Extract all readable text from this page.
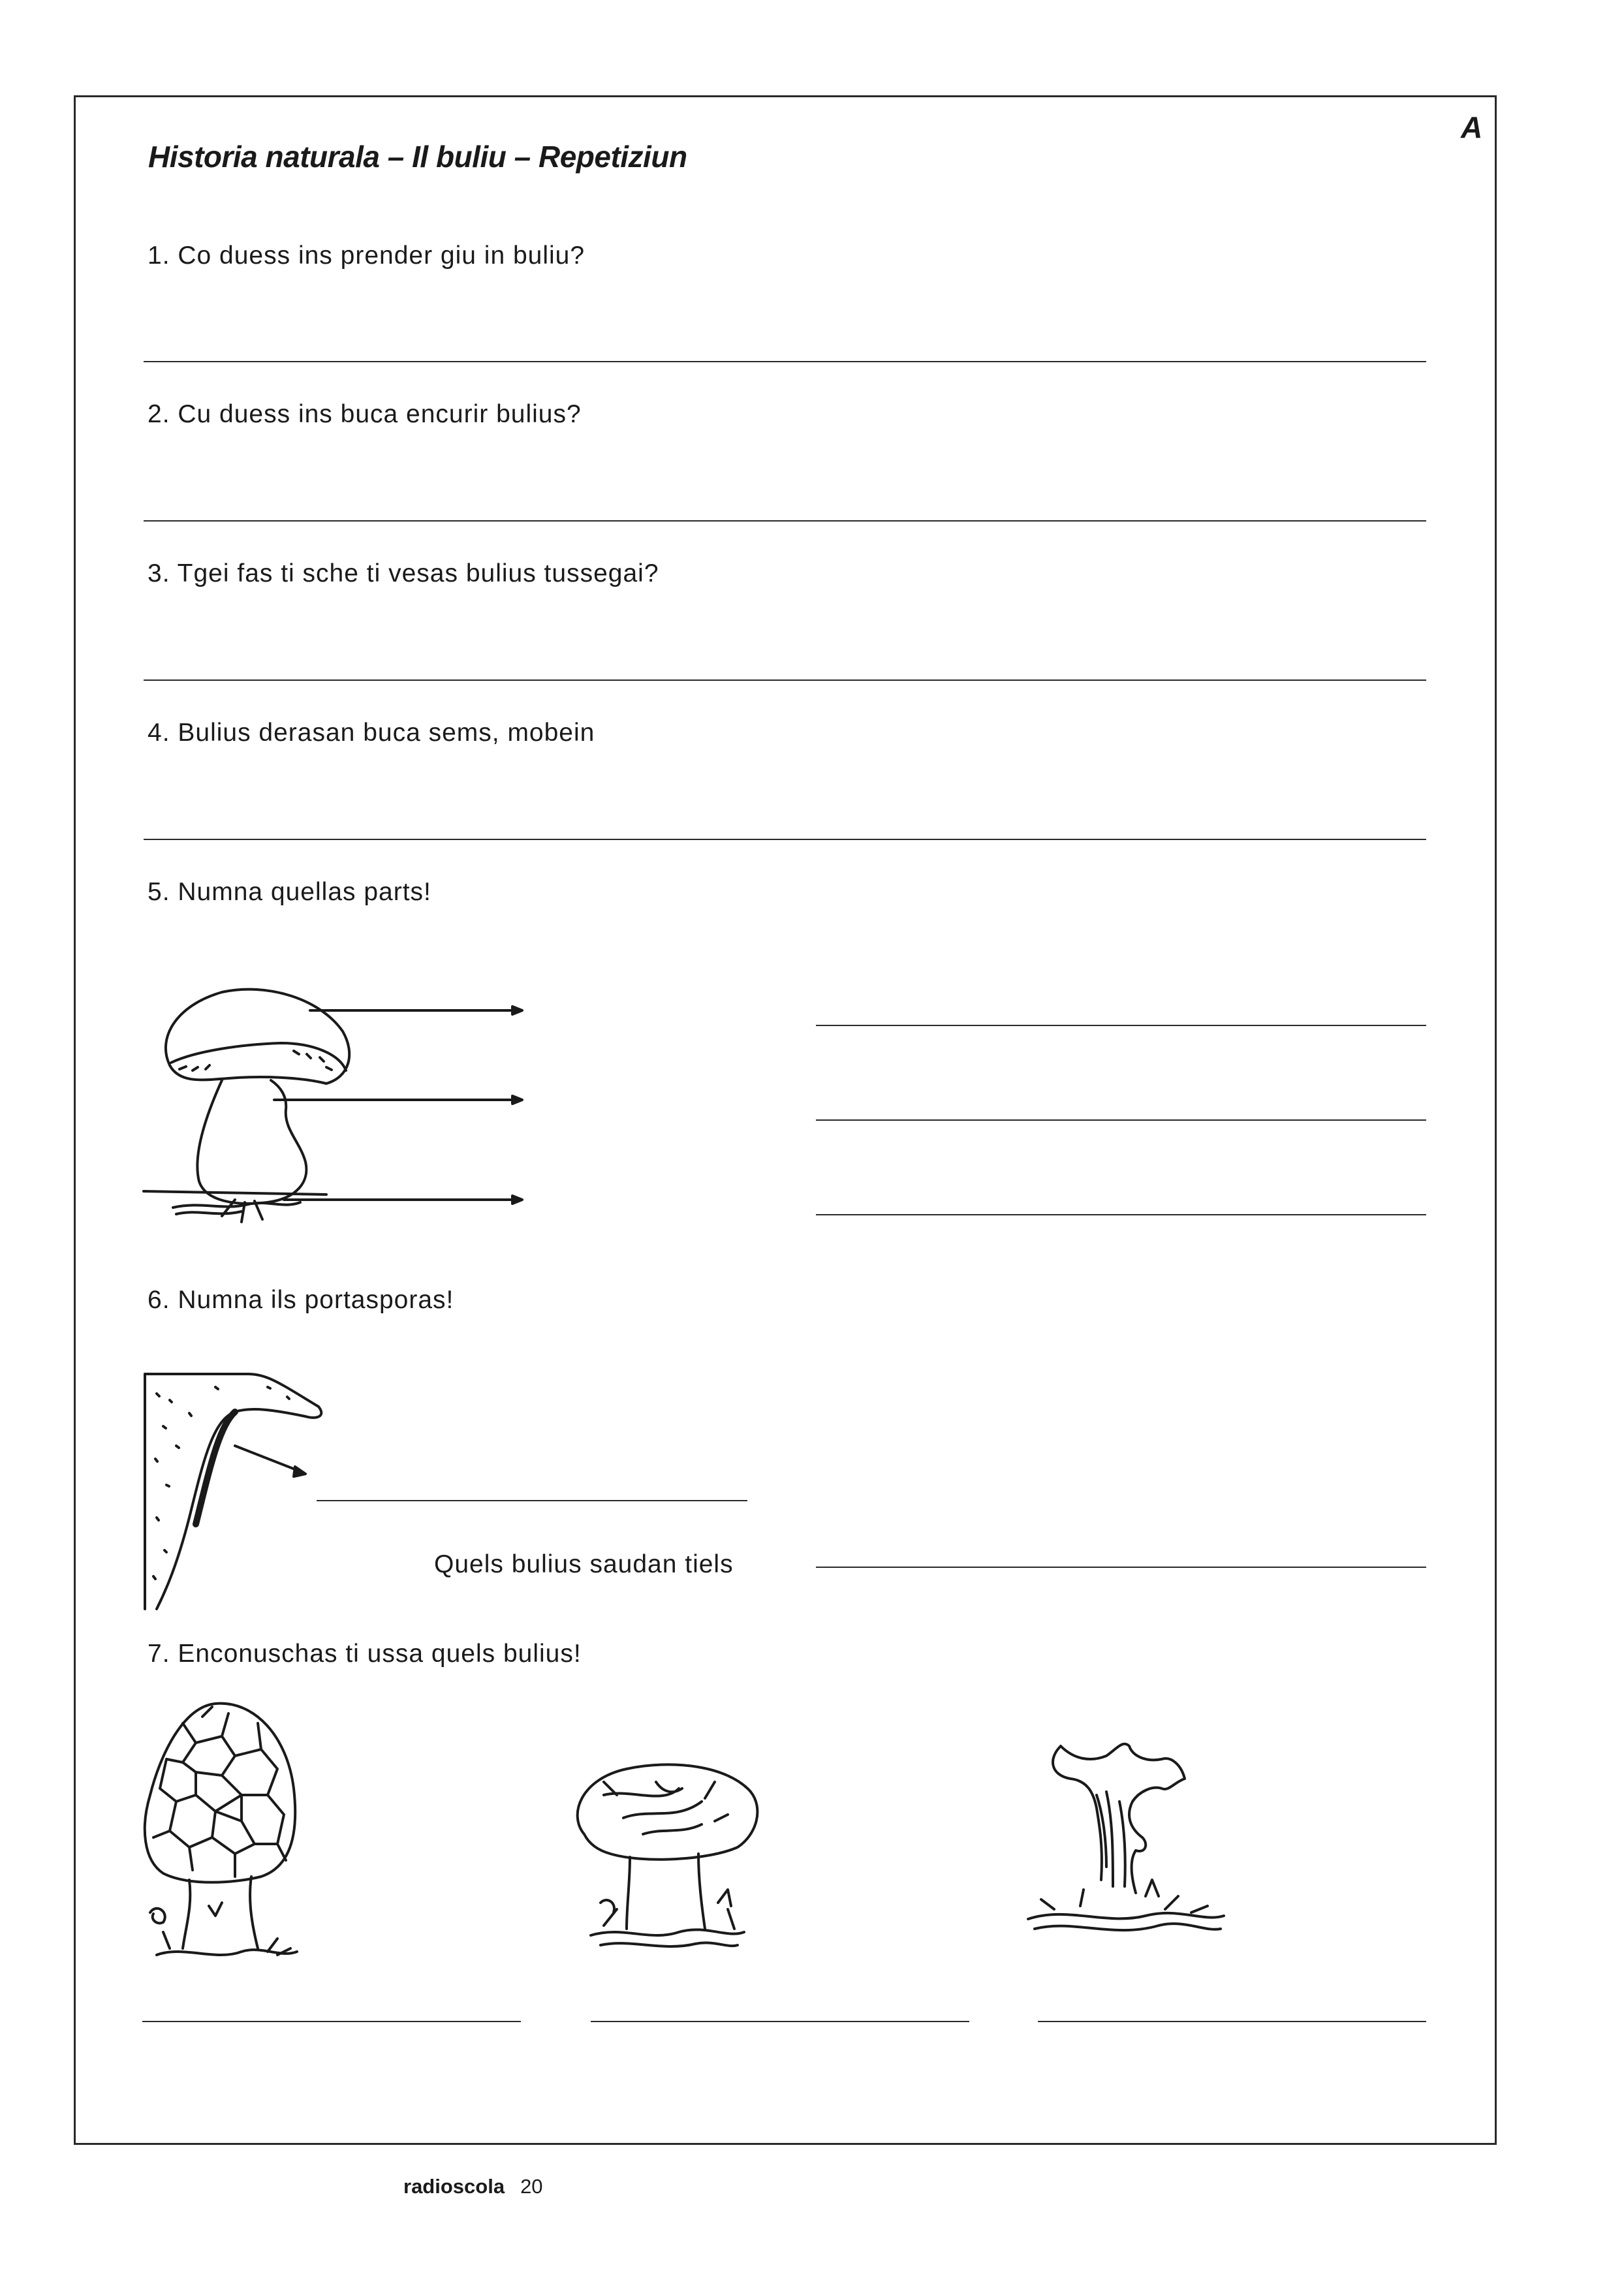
Historia naturala – Il buliu – Repetiziun
A
1. Co duess ins prender giu in buliu?
2. Cu duess ins buca encurir bulius?
3. Tgei fas ti sche ti vesas bulius tussegai?
4. Bulius derasan buca sems, mobein
5. Numna quellas parts!
6. Numna ils portasporas!
Quels bulius saudan tiels
7. Enconuschas ti ussa quels bulius!
radioscola 20
